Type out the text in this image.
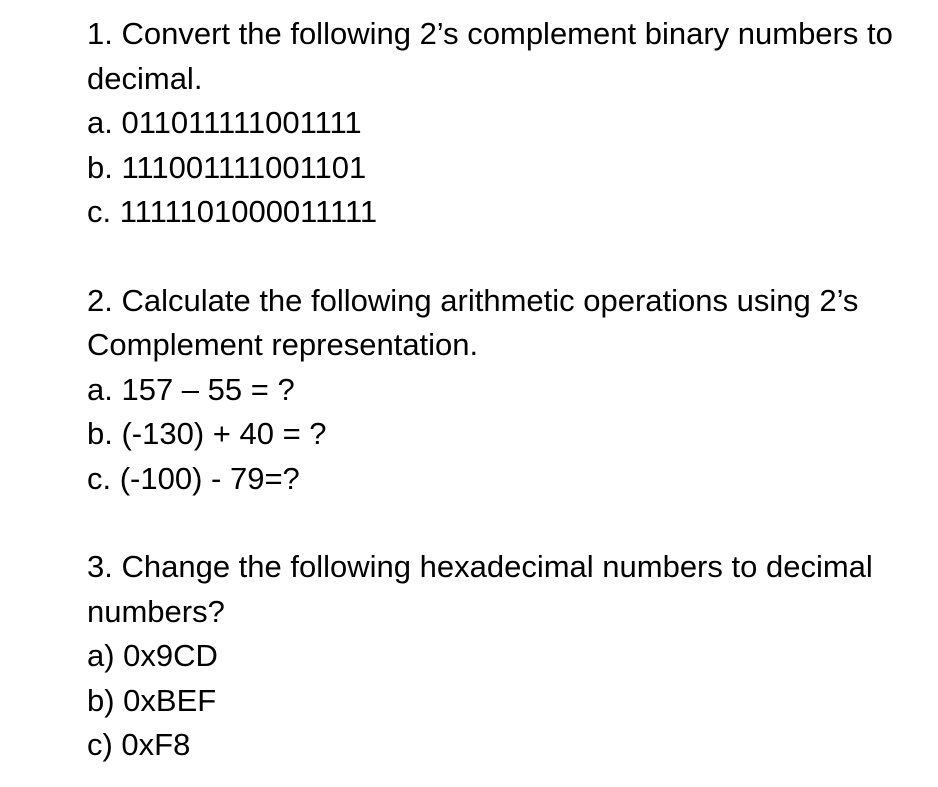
1. Convert the following 2’s complement binary numbers to decimal.

a. 011011111001111
b. 111001111001101
c. 1111101000011111

2. Calculate the following arithmetic operations using 2’s Complement representation.

a. 157 – 55 = ?
b. (-130) + 40 = ?
c. (-100) - 79=?

3. Change the following hexadecimal numbers to decimal numbers?

a) 0x9CD
b) 0xBEF
c) 0xF8
